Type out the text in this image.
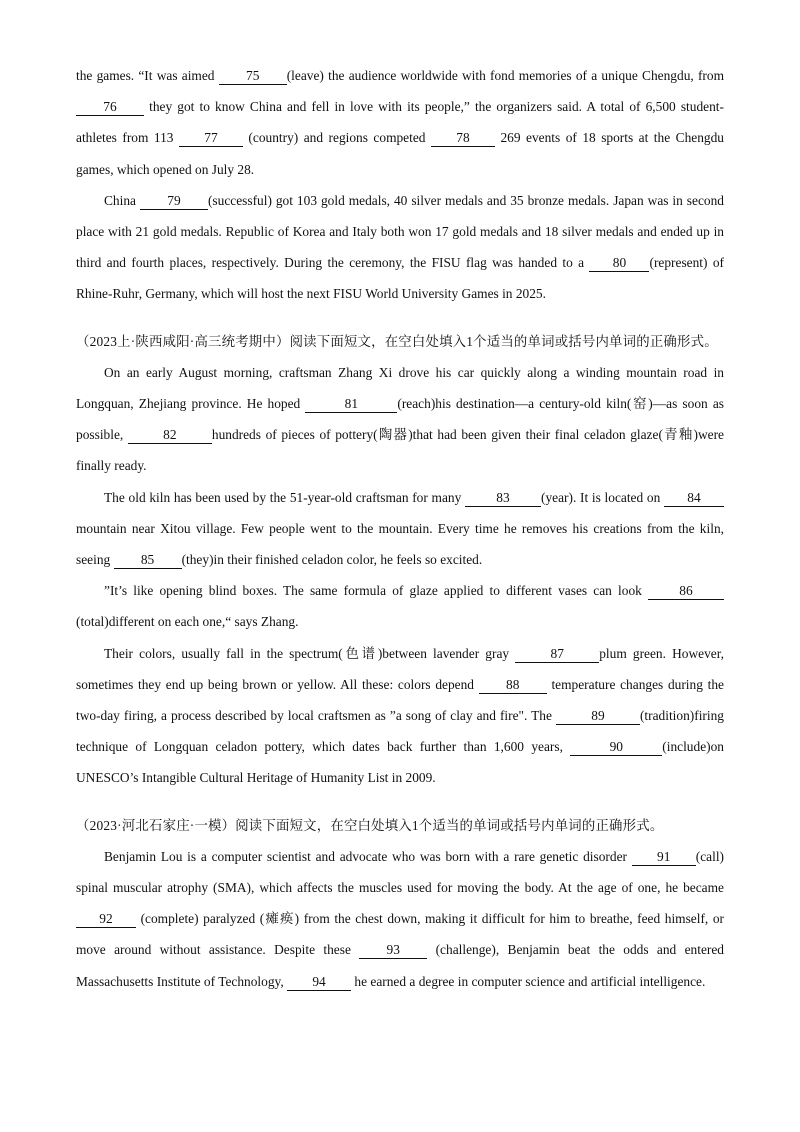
the games. “It was aimed 75 (leave) the audience worldwide with fond memories of a unique Chengdu, from 76 they got to know China and fell in love with its people,” the organizers said. A total of 6,500 student-athletes from 113 77 (country) and regions competed 78 269 events of 18 sports at the Chengdu games, which opened on July 28.

China 79 (successful) got 103 gold medals, 40 silver medals and 35 bronze medals. Japan was in second place with 21 gold medals. Republic of Korea and Italy both won 17 gold medals and 18 silver medals and ended up in third and fourth places, respectively. During the ceremony, the FISU flag was handed to a 80 (represent) of Rhine-Ruhr, Germany, which will host the next FISU World University Games in 2025.

（2023上·陕西咸阳·高三统考期中）阅读下面短文，在空白处填入1个适当的单词或括号内单词的正确形式。

On an early August morning, craftsman Zhang Xi drove his car quickly along a winding mountain road in Longquan, Zhejiang province. He hoped	81	(reach)his destination—a century-old kiln(窑)—as soon as possible,	82	hundreds of pieces of pottery(陶器)that had been given their final celadon glaze(青釉)were finally ready.

The old kiln has been used by the 51-year-old craftsman for many 83 (year). It is located on 84 mountain near Xitou village. Few people went to the mountain. Every time he removes his creations from the kiln, seeing 85 (they)in their finished celadon color, he feels so excited.

”It’s like opening blind boxes. The same formula of glaze applied to different vases can look 86(total)different on each one,“ says Zhang.

Their colors, usually fall in the spectrum(色谱)between lavender gray	87	plum green. However, sometimes they end up being brown or yellow. All these: colors depend 88 temperature changes during the two-day firing, a process described by local craftsmen as ”a song of clay and fire". The	89	(tradition)firing technique of Longquan celadon pottery, which dates back further than 1,600 years,	90	(include)on UNESCO’s Intangible Cultural Heritage of Humanity List in 2009.

（2023·河北石家庄·一模）阅读下面短文，在空白处填入1个适当的单词或括号内单词的正确形式。

Benjamin Lou is a computer scientist and advocate who was born with a rare genetic disorder 91 (call) spinal muscular atrophy (SMA), which affects the muscles used for moving the body. At the age of one, he became 92 (complete) paralyzed (瘫痪) from the chest down, making it difficult for him to breathe, feed himself, or move around without assistance. Despite these 93 (challenge), Benjamin beat the odds and entered Massachusetts Institute of Technology, 94 he earned a degree in computer science and artificial intelligence.
